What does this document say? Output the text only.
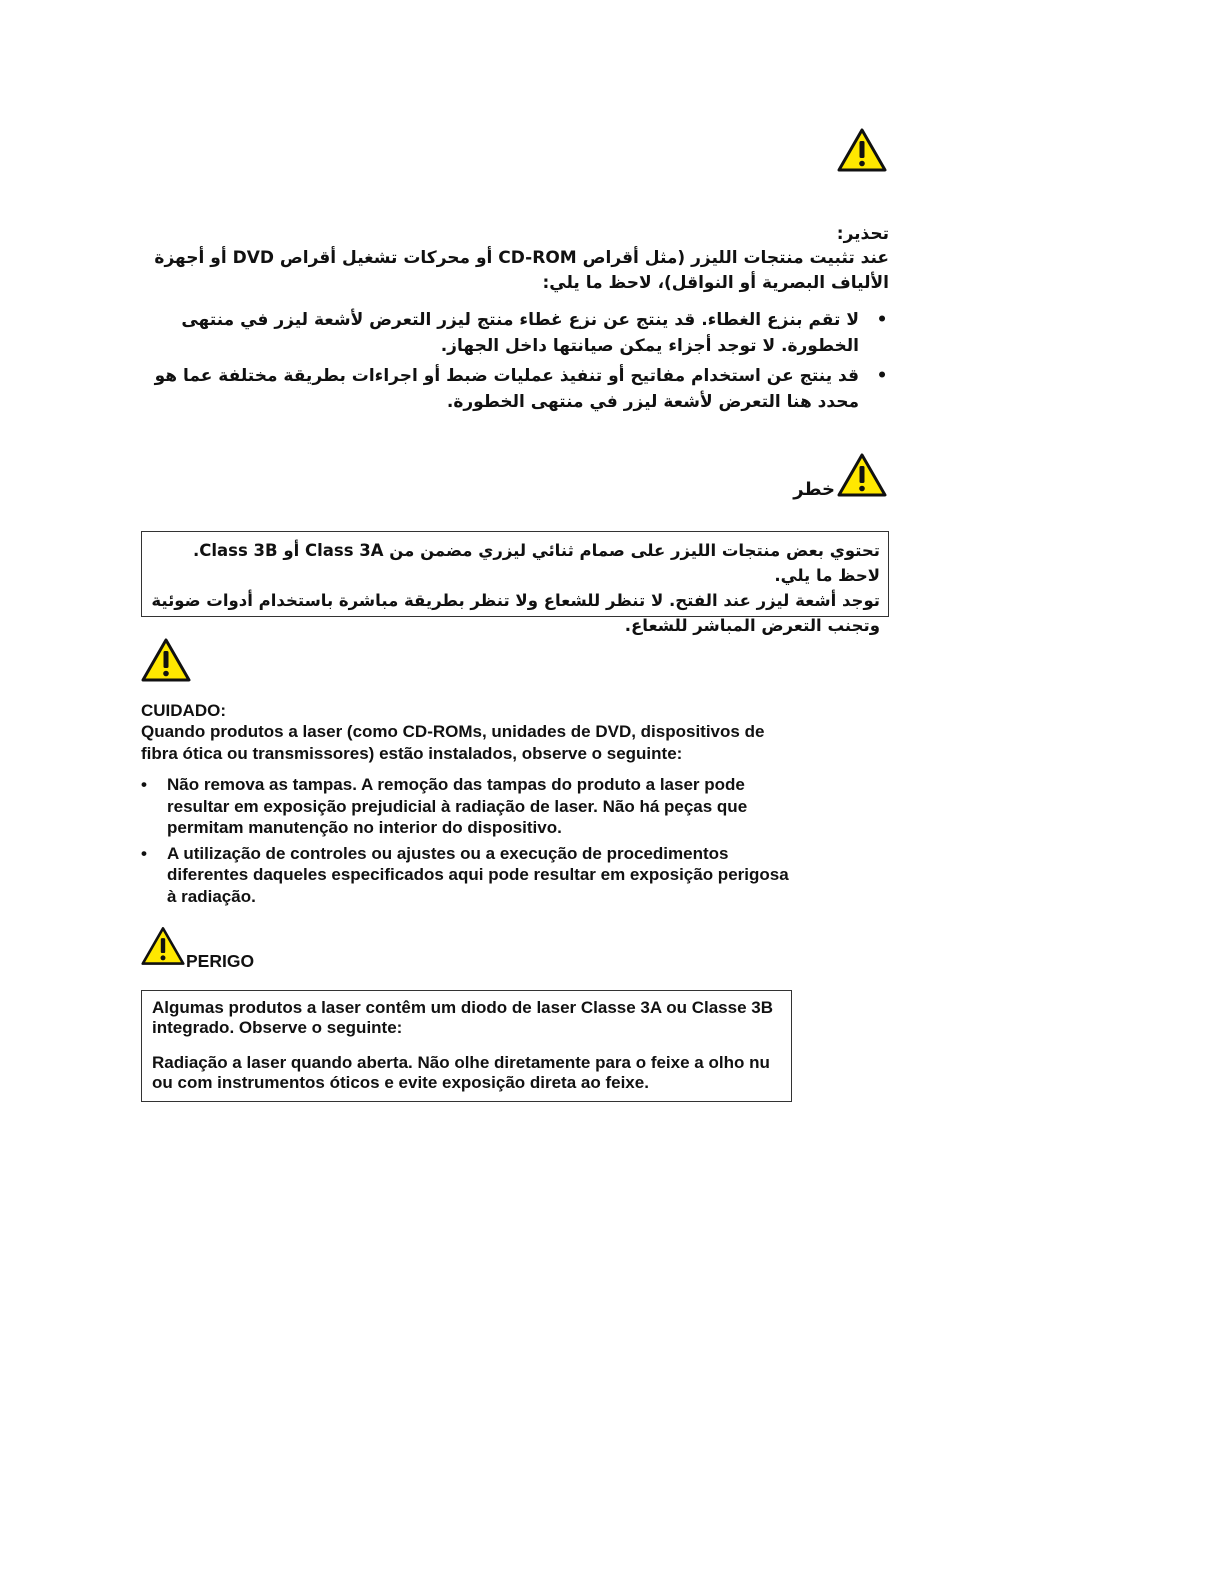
تحذير:
عند تثبيت منتجات الليزر (مثل أقراص CD-ROM أو محركات تشغيل أقراص DVD أو أجهزة الألياف البصرية أو النواقل)، لاحظ ما يلي:
•
لا تقم بنزع الغطاء. قد ينتج عن نزع غطاء منتج ليزر التعرض لأشعة ليزر في منتهى الخطورة. لا توجد أجزاء يمكن صيانتها داخل الجهاز.
•
قد ينتج عن استخدام مفاتيح أو تنفيذ عمليات ضبط أو اجراءات بطريقة مختلفة عما هو محدد هنا التعرض لأشعة ليزر في منتهى الخطورة.
خطر

تحتوي بعض منتجات الليزر على صمام ثنائي ليزري مضمن من Class 3A أو Class 3B. لاحظ ما يلي.

توجد أشعة ليزر عند الفتح. لا تنظر للشعاع ولا تنظر بطريقة مباشرة باستخدام أدوات ضوئية وتجنب التعرض المباشر للشعاع.

CUIDADO:
Quando produtos a laser (como CD-ROMs, unidades de DVD, dispositivos de fibra ótica ou transmissores) estão instalados, observe o seguinte:
• Não remova as tampas. A remoção das tampas do produto a laser pode resultar em exposição prejudicial à radiação de laser. Não há peças que permitam manutenção no interior do dispositivo.
• A utilização de controles ou ajustes ou a execução de procedimentos diferentes daqueles especificados aqui pode resultar em exposição perigosa à radiação.
PERIGO

Algumas produtos a laser contêm um diodo de laser Classe 3A ou Classe 3B integrado. Observe o seguinte:

Radiação a laser quando aberta. Não olhe diretamente para o feixe a olho nu ou com instrumentos óticos e evite exposição direta ao feixe.
